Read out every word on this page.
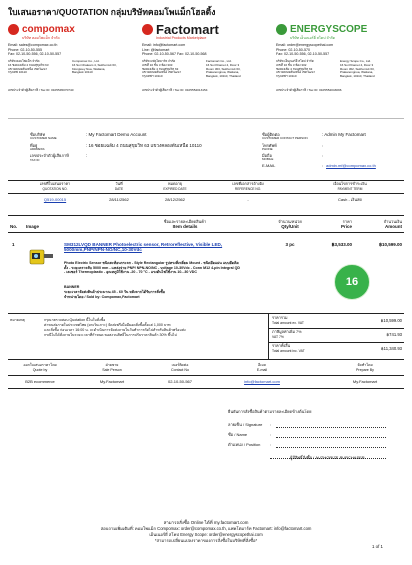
ใบเสนอราคา/QUOTATION กลุ่มบริษัทคอมโพแม็กโฮลดิ้ง
compomax
บริษัท คอมโพแม็ก จำกัด
Email: sales@compomax.co.th
Phone: 02-10-50-555
Fax: 02-10-50-556, 02-10-50-557
บริษัท คอมโพแม็ก จำกัด
16 ซอยแฉล้ม 4 ถนนสุขุมวิท 63
แขวงคลองตันเหนือ เขตวัฒนา
กรุงเทพ 10110
Compomax Co., Ltd.
16 Soi Chaleam 4, Sukhumvit 63,
Klongtoey Nua, Wattana,
Bangkok 10110
เลขประจำตัวผู้เสียภาษี / Tax ID: 0105545070740
Factomart
Industrial Products Marketplace
Email: info@factomart.com
Line: @factomart
Phone: 02-10-50-567 Fax: 02-10-50-568
บริษัท แฟคโตมาร์ท จำกัด
เลขที่ 16 ชั้น 3 ห้อง 303
ซอยแฉล้ม 4 ถนนสุขุมวิท 63
แขวงคลองตันเหนือ เขตวัฒนา
กรุงเทพฯ 10110
Factomart Co., Ltd.
16 Soi Khamet 4, Floor 3
Room 303, Sukhumvit 63,
Prakanongnua, Wattana,
Bangkok, 10110, Thailand
เลขประจำตัวผู้เสียภาษี / Tax ID: 0105554013154
ENERGYSCOPE
บริษัท เอ็นเนอร์ยี่ สโคป จำกัด
Email: order@energyscopethai.com
Phone: 02-10-50-570
Fax: 02-10-50-556, 02-10-50-557
บริษัท เอ็นเนอร์ยี่ สโคป จำกัด
เลขที่ 16 ชั้น 3 ห้อง 302
ซอยแฉล้ม 4 ถนนสุขุมวิท 63
แขวงคลองตันเหนือ เขตวัฒนา
กรุงเทพฯ 10110
Energy Scope Co., Ltd.
16 Soi Khamet 4, Floor 3
Room 302, Sukhumvit 63,
Prakanongnua, Wattana,
Bangkok, 10110, Thailand
เลขประจำตัวผู้เสียภาษี / Tax ID: 0105554043096
ชื่อบริษัท
CUSTOMER NAME
: My Factomart Demo Account
ที่อยู่
ADDRESS
: 16 ซอยแฉล้ม 4 ถนนสุขุมวิท 63 แขวงคลองตันเหนือ 10110
เลขประจำตัวผู้เสียภาษี
TAX ID
:
ชื่อผู้ติดต่อ
CUSTOMER CONTACT PERSON
: Admin My Factomart
โทรศัพท์
PHONE
:
มือถือ
MOBILE
:
E-MAIL	: admin.mf@compomax.co.th
เลขที่ใบเสนอราคา
QUOTATION NO.
วันที่
DATE
หมดอายุ
EXPIRED DATE
เลขที่เอกสารอ้างอิง
REFERENCE NO.
เงื่อนไขการชำระเงิน
PAYMENT TERM
Q519-00015	28/11/2562	28/12/2562	-	Cash - เงินสด
No. Image
ชื่อและรายละเอียดสินค้า
Item details
จำนวน/หน่วย
Qty/Unit
ราคา
Price
จำนวนเงิน
Amount
1	SM312LVQD BANNER Photoelectric sensor, Retroreflective, Visible LED, 5000mm,PNP/NPN-NO/NC,10-30Vdc
Photo Electric Sensor ชนิดสะท้อนกระจก - Style Rectangular รูปทรงสี่เหลี่ยม Mount - ชนิดยึดแผ่น แบบยึดติดตั้ง - ระยะตรวจจับ 5000 mm - แหล่งจ่าย PNP/ NPN-NO/NC - voltage 10-30Vdc - Conn M12 4-pin Integral QD - เลเซอร์ Thermoplastic - อุณหภูมิใช้งาน -20 - 70 °C - แรงดันไฟใช้งาน 10...30 VDC
BANNER
ระยะเวลาจัดส่งสินค้าประมาณ 45 - 60 วัน หลังจากได้รับการสั่งซื้อ
จำหน่ายโดย / Sold by: Compomax,Factomart
3 pc	฿3,533.00	฿10,599.00
16
หมายเหตุ	กรุณาตรวจสอบ Quotation นี้ในใบสั่งซื้อ
ค่าขนส่งภายในประเทศไทย (ยกเว้นเกาะ) จัดส่งฟรีเมื่อมียอดสั่งซื้อตั้งแต่ 1,000 บาท
และสั่งซื้อ ก่อนเวลา 16:00 น. จะดำเนินการจัดส่งภายในวันทำการถัดไปสำหรับสินค้าพร้อมส่ง
กรณีไม่ได้สั่งภายในระยะเวลาที่กำหนด ขอสงวนสิทธิ์ในการปรับราคาสินค้า 30% ขึ้นไป
ราคารวม
Total amount ex. VAT	฿10,599.00
ภาษีมูลค่าเพิ่ม 7%
VAT 7%	฿741.93
ราคาทั้งสิ้น
Total amount inc. VAT	฿11,340.93
ออกใบเสนอราคาโดย
Quote by
ฝ่ายขาย
Sale Person
เบอร์ติดต่อ
Contact No
อีเมล
E-mail
จัดทำโดย
Prepare By
B2B ecommerce	My.Factomart	02-10-50-567	info@factomart.com	My.Factomart
ยืนยันการสั่งซื้อสินค้าตามรายละเอียดข้างต้นโดย
ลายเซ็น / Signature :
ชื่อ / Name	:
ตำแหน่ง / Position :
ผู้มีสิทธิ์สั่งซื้อ / AUTHORIZE PURCHASER
สามารถสั่งซื้อ Online ได้ที่ my.factomart.com
สอบถามเพิ่มเติมที่: คอมโพแม็ก Compomax: order@compomax.co.th, แฟคโตมาร์ท Factomart: info@factomart.com
เอ็นเนอร์ยี่ สโคป Energy Scope: order@energyscopethai.com
*สามารถเปลี่ยนแปลงราคาของการสั่งซื้อในบริษัทที่สั่งซื้อ*
1 of 1
